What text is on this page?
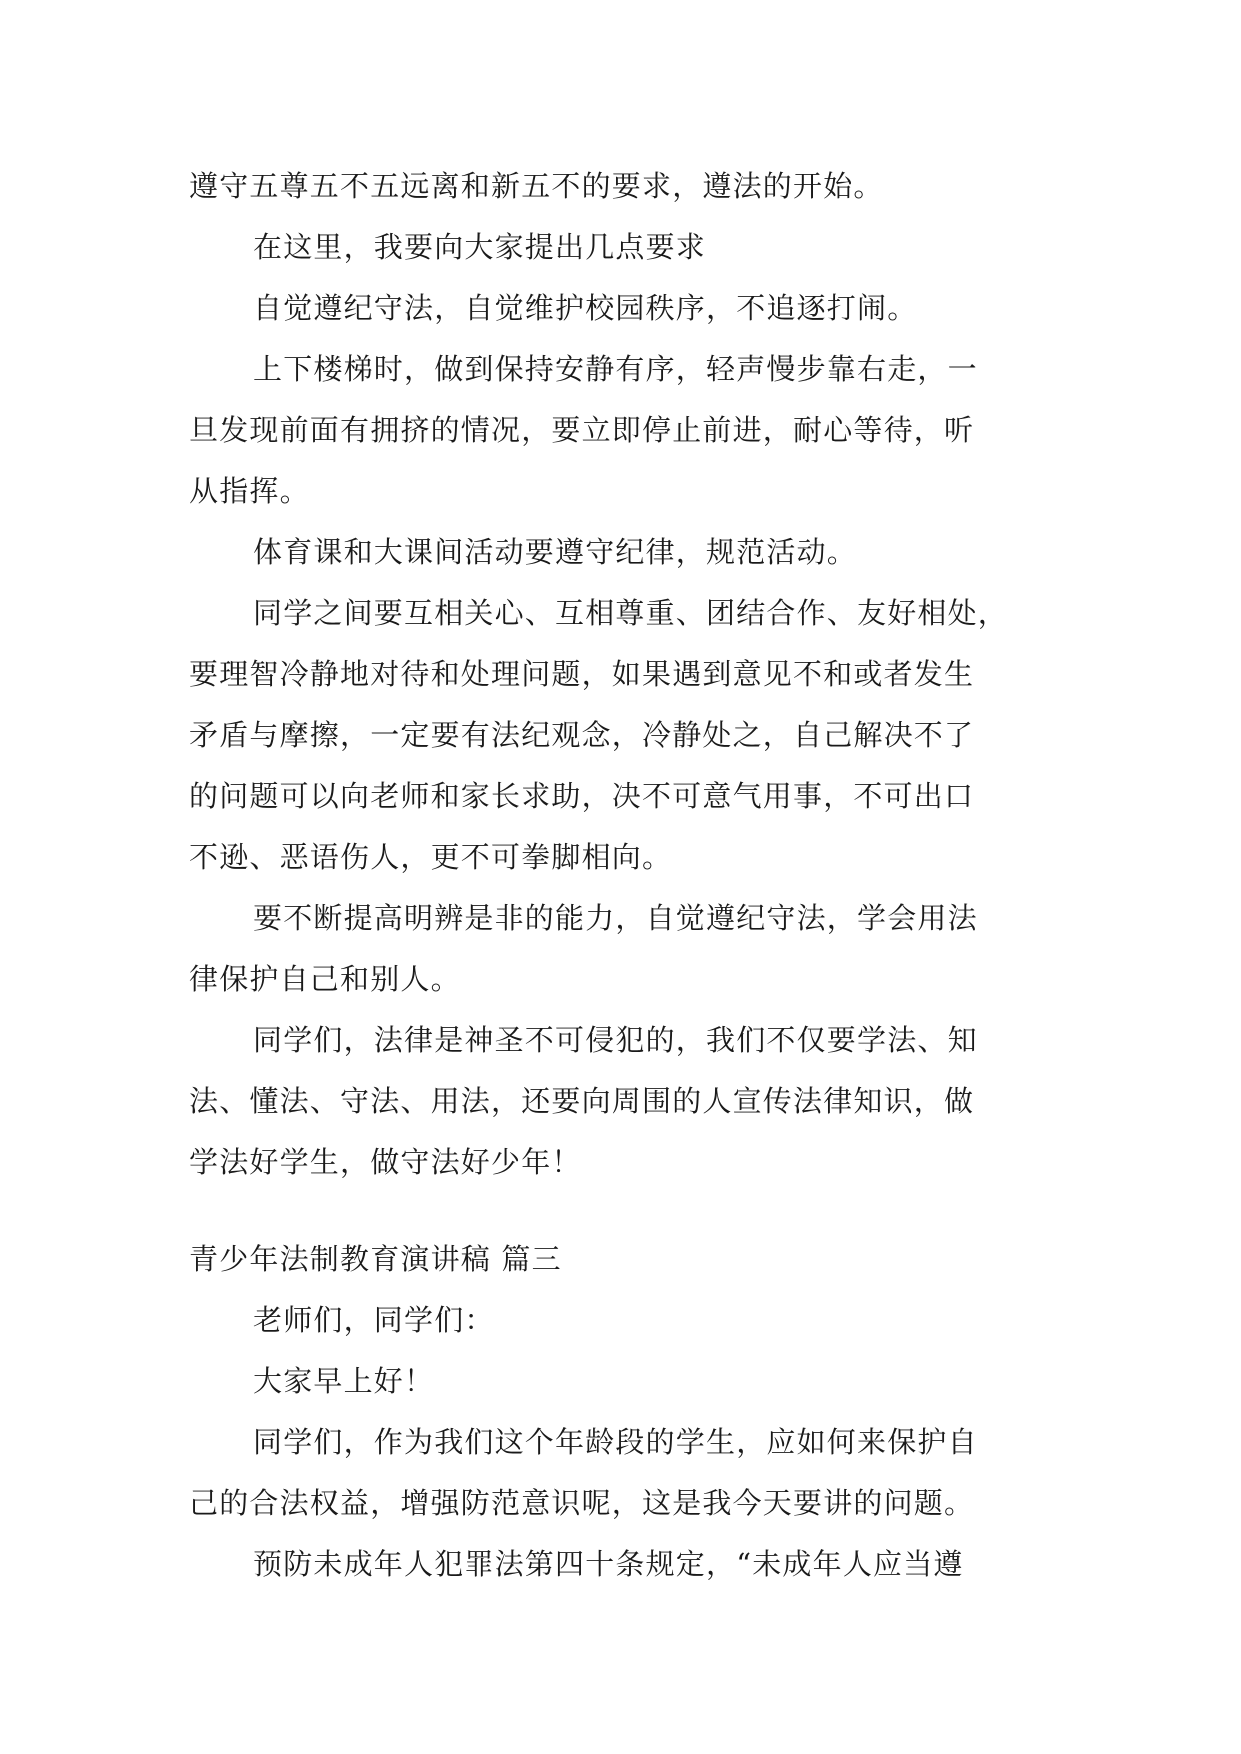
遵守五尊五不五远离和新五不的要求，遵法的开始。
在这里，我要向大家提出几点要求
自觉遵纪守法，自觉维护校园秩序，不追逐打闹。
上下楼梯时，做到保持安静有序，轻声慢步靠右走，一
旦发现前面有拥挤的情况，要立即停止前进，耐心等待，听
从指挥。
体育课和大课间活动要遵守纪律，规范活动。
同学之间要互相关心、互相尊重、团结合作、友好相处，
要理智冷静地对待和处理问题，如果遇到意见不和或者发生
矛盾与摩擦，一定要有法纪观念，冷静处之，自己解决不了
的问题可以向老师和家长求助，决不可意气用事，不可出口
不逊、恶语伤人，更不可拳脚相向。
要不断提高明辨是非的能力，自觉遵纪守法，学会用法
律保护自己和别人。
同学们，法律是神圣不可侵犯的，我们不仅要学法、知
法、懂法、守法、用法，还要向周围的人宣传法律知识，做
学法好学生，做守法好少年！
青少年法制教育演讲稿 篇三
老师们，同学们：
大家早上好！
同学们，作为我们这个年龄段的学生，应如何来保护自
己的合法权益，增强防范意识呢，这是我今天要讲的问题。
预防未成年人犯罪法第四十条规定，“未成年人应当遵
